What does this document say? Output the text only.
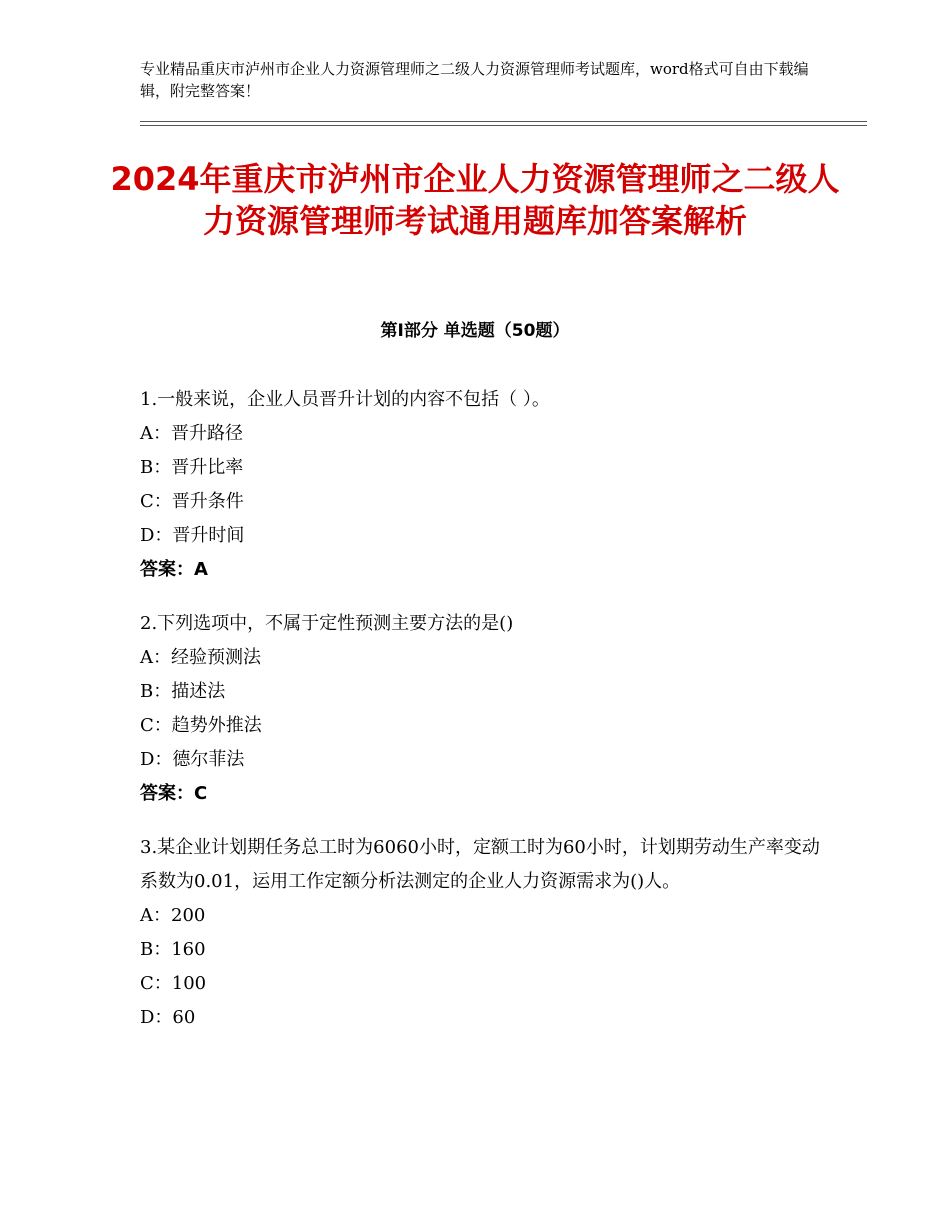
专业精品重庆市泸州市企业人力资源管理师之二级人力资源管理师考试题库，word格式可自由下载编辑，附完整答案！
2024年重庆市泸州市企业人力资源管理师之二级人力资源管理师考试通用题库加答案解析
第Ⅰ部分 单选题（50题）
1.一般来说，企业人员晋升计划的内容不包括（ ）。
A：晋升路径
B：晋升比率
C：晋升条件
D：晋升时间
答案：A
2.下列选项中，不属于定性预测主要方法的是()
A：经验预测法
B：描述法
C：趋势外推法
D：德尔菲法
答案：C
3.某企业计划期任务总工时为6060小时，定额工时为60小时，计划期劳动生产率变动系数为0.01，运用工作定额分析法测定的企业人力资源需求为()人。
A：200
B：160
C：100
D：60
